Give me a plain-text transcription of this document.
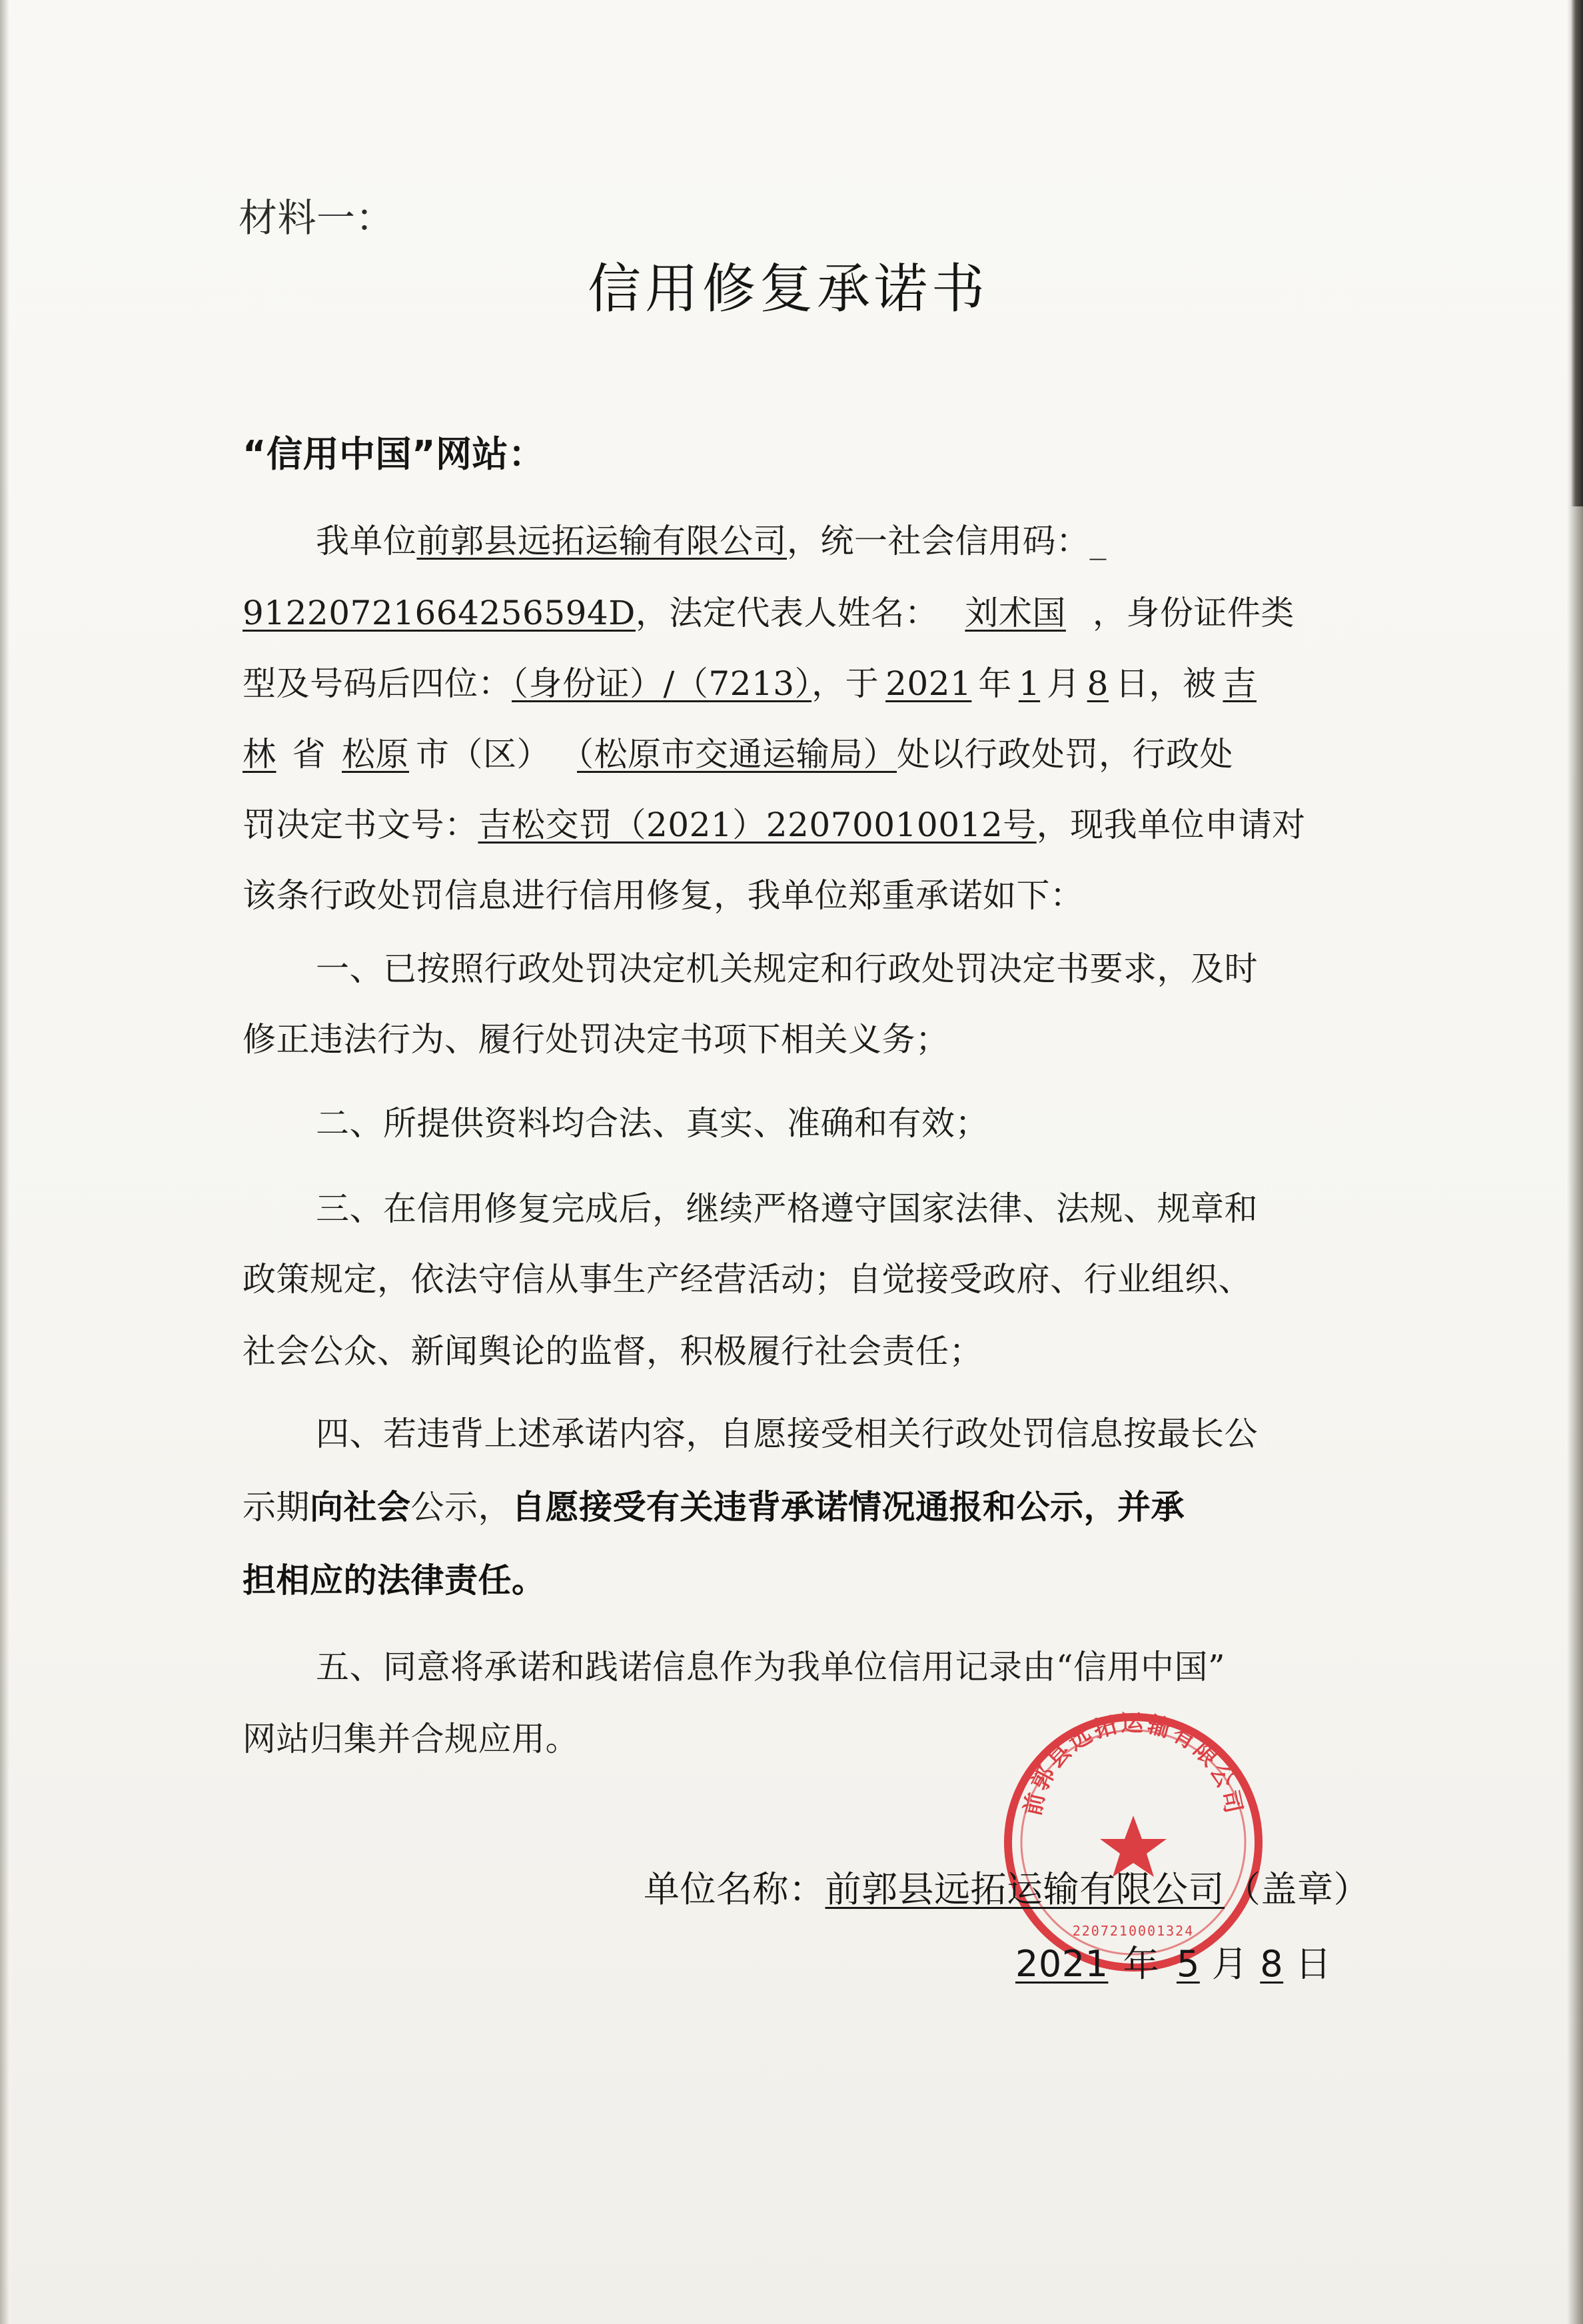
材料一：
信用修复承诺书
“信用中国”网站：
我单位前郭县远拓运输有限公司，统一社会信用码：_
91220721664256594D，法定代表人姓名： 刘术国 ，身份证件类
型及号码后四位：（身份证）/（7213），于 2021 年 1 月 8 日，被 吉
林 省 松原 市（区） （松原市交通运输局）处以行政处罚，行政处
罚决定书文号：吉松交罚（2021）22070010012号，现我单位申请对
该条行政处罚信息进行信用修复，我单位郑重承诺如下：
一、已按照行政处罚决定机关规定和行政处罚决定书要求，及时
修正违法行为、履行处罚决定书项下相关义务；
二、所提供资料均合法、真实、准确和有效；
三、在信用修复完成后，继续严格遵守国家法律、法规、规章和
政策规定，依法守信从事生产经营活动；自觉接受政府、行业组织、
社会公众、新闻舆论的监督，积极履行社会责任；
四、若违背上述承诺内容，自愿接受相关行政处罚信息按最长公
示期向社会公示，自愿接受有关违背承诺情况通报和公示，并承
担相应的法律责任。
五、同意将承诺和践诺信息作为我单位信用记录由“信用中国”
网站归集并合规应用。
前郭县远拓运输有限公司
2207210001324
单位名称：前郭县远拓运输有限公司（盖章）
2021 年 5 月 8 日
